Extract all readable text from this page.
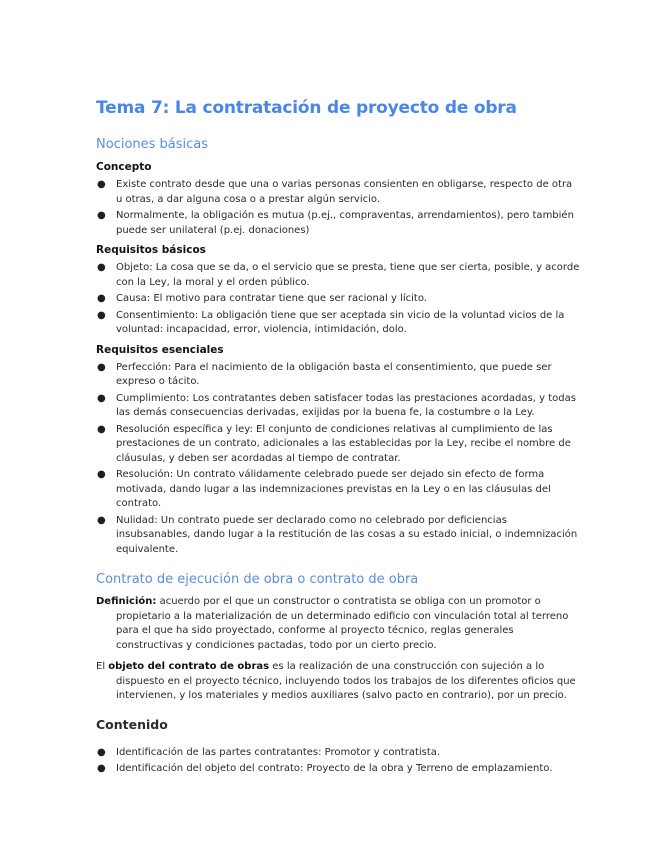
Tema 7: La contratación de proyecto de obra
Nociones básicas
Concepto
● Existe contrato desde que una o varias personas consienten en obligarse, respecto de otra u otras, a dar alguna cosa o a prestar algún servicio.
● Normalmente, la obligación es mutua (p.ej., compraventas, arrendamientos), pero también puede ser unilateral (p.ej. donaciones)
Requisitos básicos
● Objeto: La cosa que se da, o el servicio que se presta, tiene que ser cierta, posible, y acorde con la Ley, la moral y el orden público.
● Causa: El motivo para contratar tiene que ser racional y lícito.
● Consentimiento: La obligación tiene que ser aceptada sin vicio de la voluntad vicios de la voluntad: incapacidad, error, violencia, intimidación, dolo.
Requisitos esenciales
● Perfección: Para el nacimiento de la obligación basta el consentimiento, que puede ser expreso o tácito.
● Cumplimiento: Los contratantes deben satisfacer todas las prestaciones acordadas, y todas las demás consecuencias derivadas, exijidas por la buena fe, la costumbre o la Ley.
● Resolución específica y ley: El conjunto de condiciones relativas al cumplimiento de las prestaciones de un contrato, adicionales a las establecidas por la Ley, recibe el nombre de cláusulas, y deben ser acordadas al tiempo de contratar.
● Resolución: Un contrato válidamente celebrado puede ser dejado sin efecto de forma motivada, dando lugar a las indemnizaciones previstas en la Ley o en las cláusulas del contrato.
● Nulidad: Un contrato puede ser declarado como no celebrado por deficiencias insubsanables, dando lugar a la restitución de las cosas a su estado inicial, o indemnización equivalente.
Contrato de ejecución de obra o contrato de obra

Definición: acuerdo por el que un constructor o contratista se obliga con un promotor o propietario a la materialización de un determinado edificio con vinculación total al terreno para el que ha sido proyectado, conforme al proyecto técnico, reglas generales constructivas y condiciones pactadas, todo por un cierto precio.

El objeto del contrato de obras es la realización de una construcción con sujeción a lo dispuesto en el proyecto técnico, incluyendo todos los trabajos de los diferentes oficios que intervienen, y los materiales y medios auxiliares (salvo pacto en contrario), por un precio.

Contenido
● Identificación de las partes contratantes: Promotor y contratista.
● Identificación del objeto del contrato: Proyecto de la obra y Terreno de emplazamiento.
